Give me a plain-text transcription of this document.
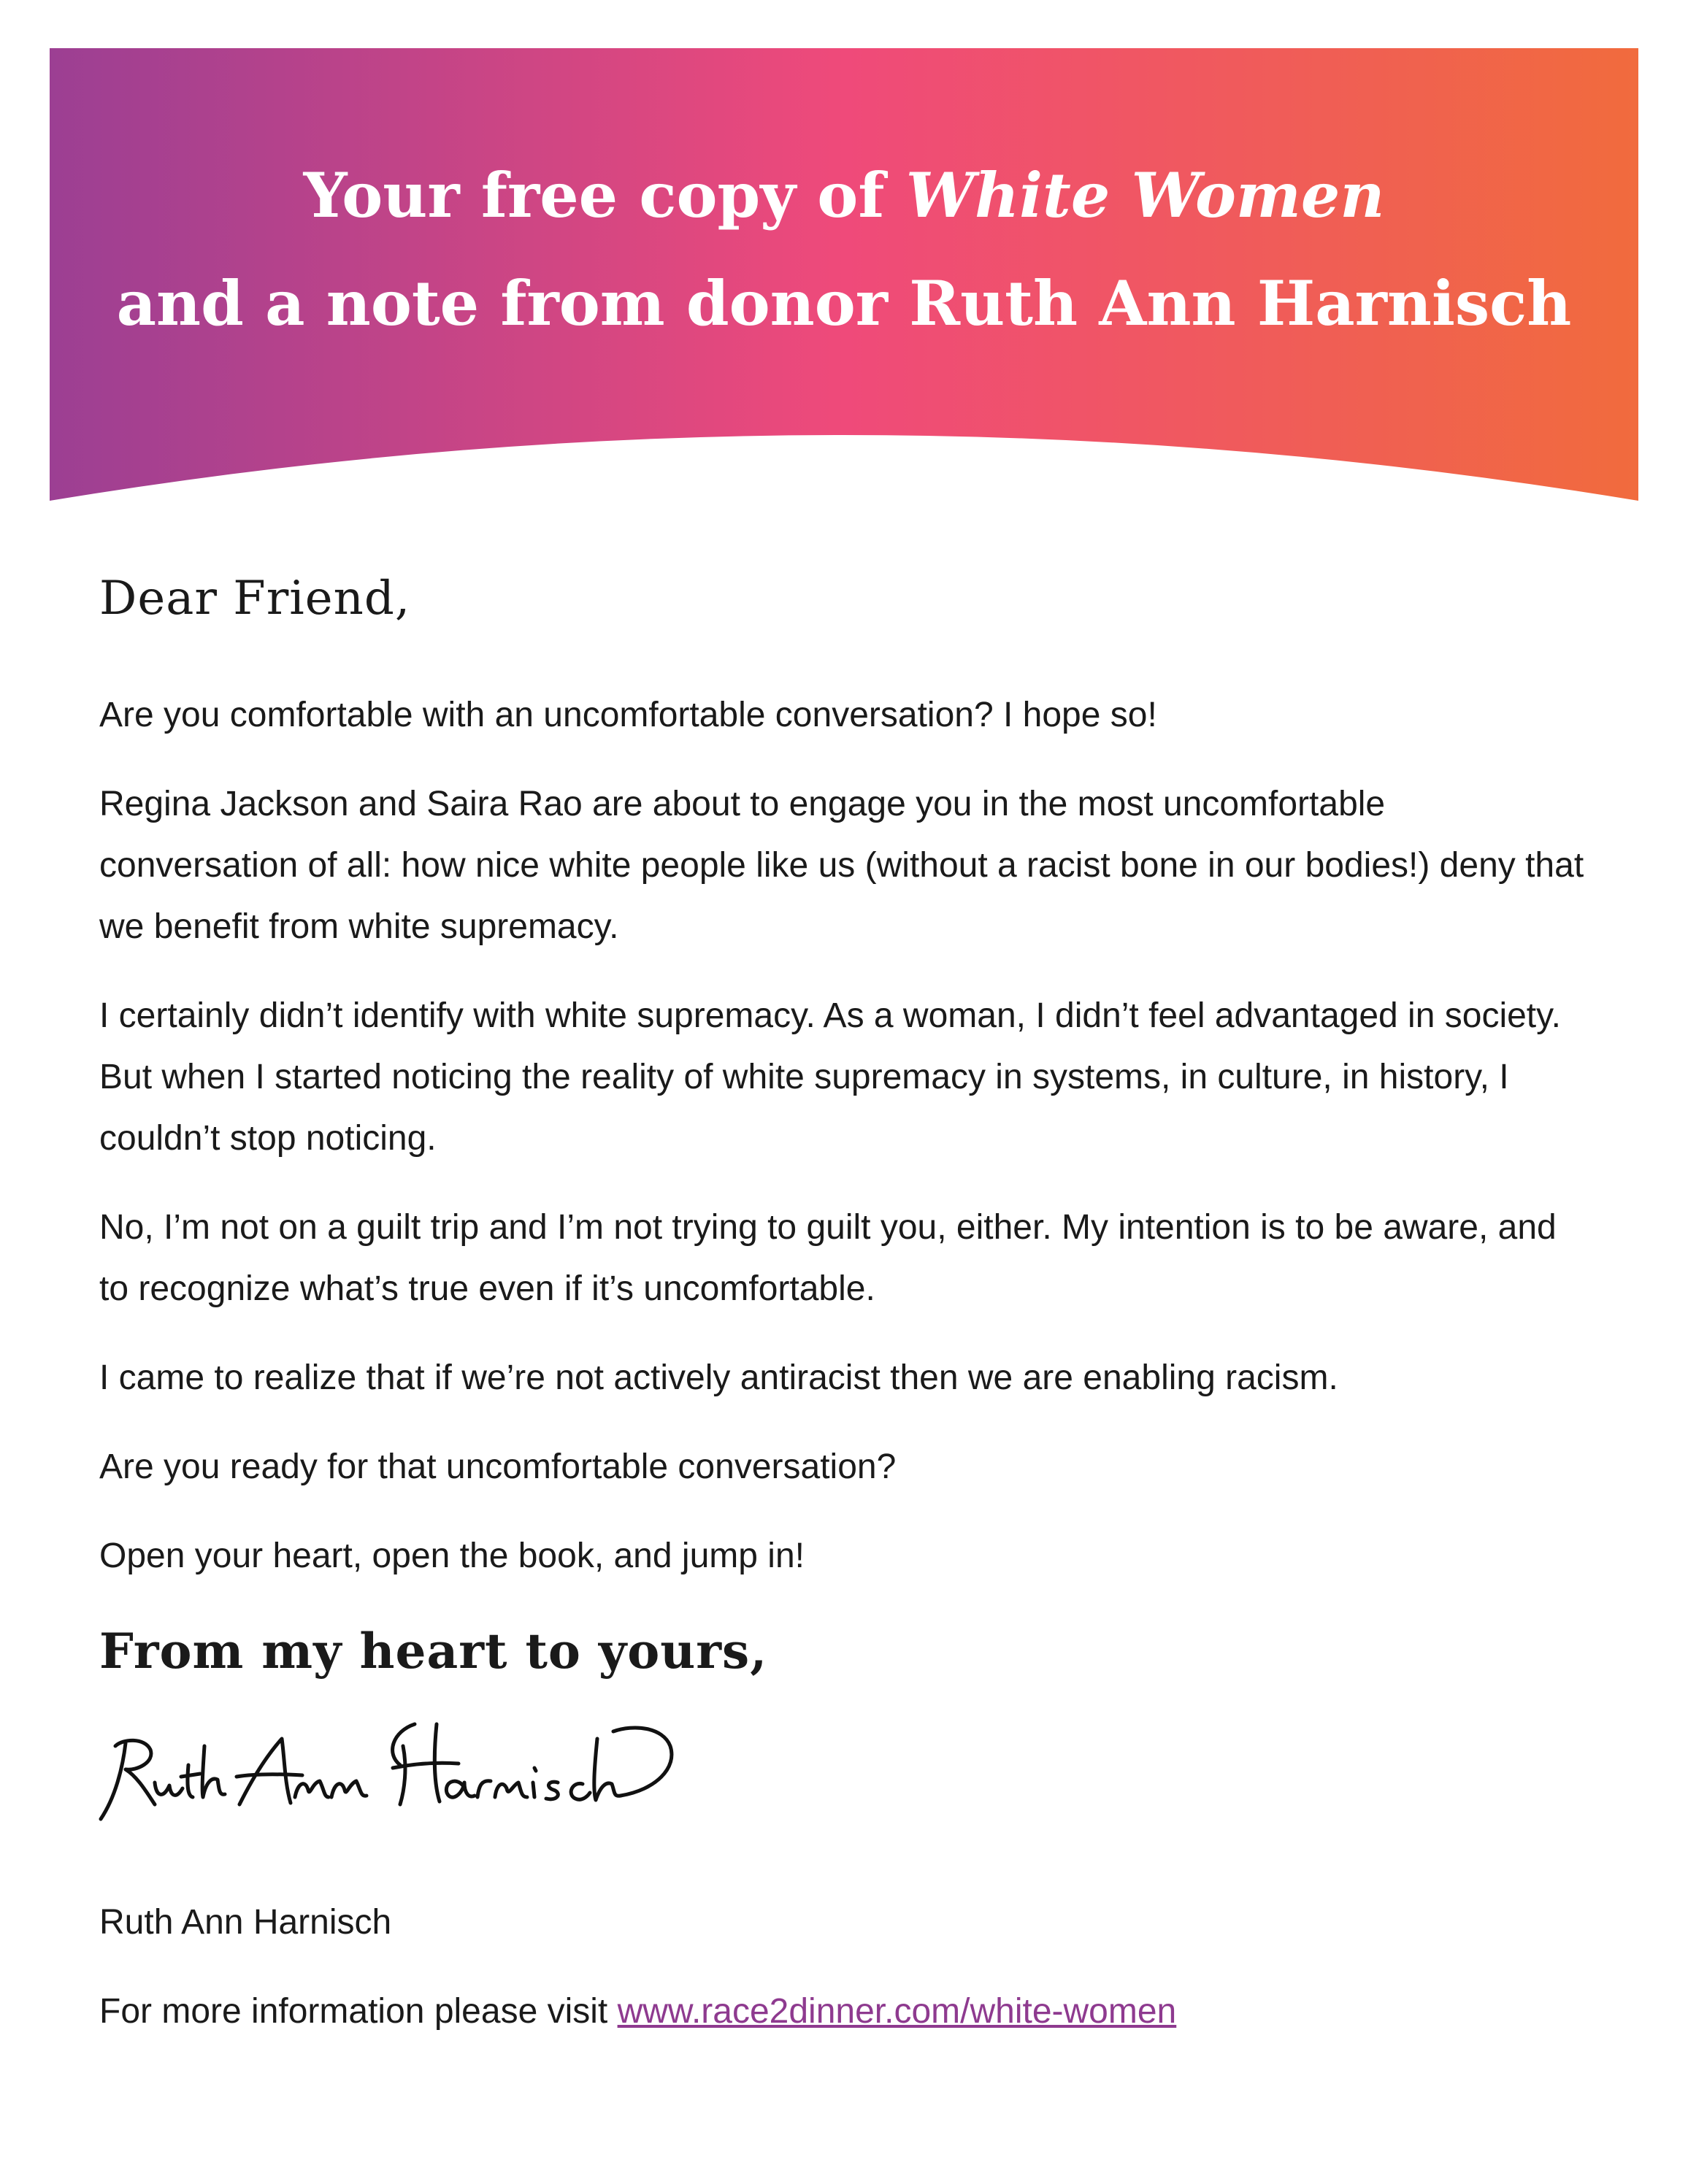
Your free copy of White Women
and a note from donor Ruth Ann Harnisch

Dear Friend,

Are you comfortable with an uncomfortable conversation? I hope so!

Regina Jackson and Saira Rao are about to engage you in the most uncomfortable conversation of all: how nice white people like us (without a racist bone in our bodies!) deny that we benefit from white supremacy.

I certainly didn’t identify with white supremacy. As a woman, I didn’t feel advantaged in society. But when I started noticing the reality of white supremacy in systems, in culture, in history, I couldn’t stop noticing.

No, I’m not on a guilt trip and I’m not trying to guilt you, either. My intention is to be aware, and to recognize what’s true even if it’s uncomfortable.

I came to realize that if we’re not actively antiracist then we are enabling racism.

Are you ready for that uncomfortable conversation?

Open your heart, open the book, and jump in!

From my heart to yours,

Ruth Ann Harnisch

For more information please visit www.race2dinner.com/white-women
